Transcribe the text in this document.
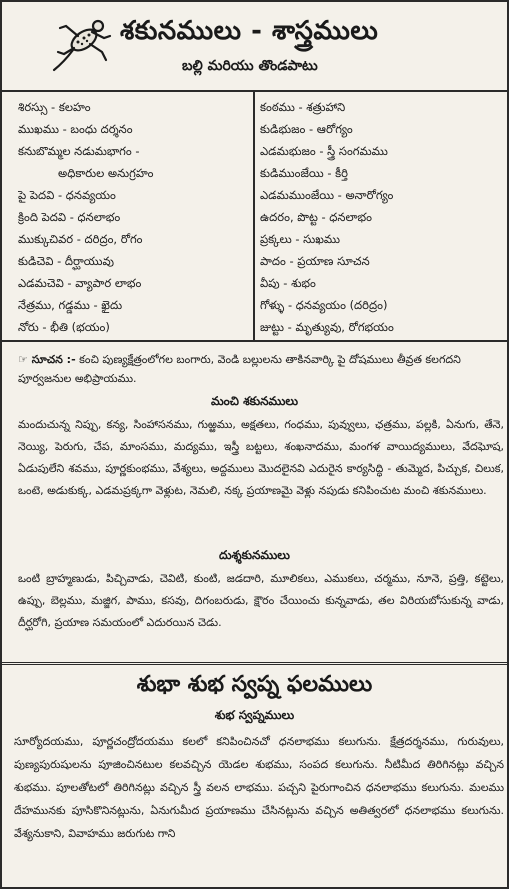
శకునములు - శాస్త్రములు
బల్లి మరియు తొండపాటు
శిరస్సు - కలహం
ముఖము - బంధు దర్శనం
కనుబొమ్మల నడుమభాగం -
అధికారుల అనుగ్రహం
పై పెదవి - ధనవ్యయం
క్రింది పెదవి - ధనలాభం
ముక్కుచివర - దరిద్రం, రోగం
కుడిచెవి - దీర్ఘాయువు
ఎడమచెవి - వ్యాపార లాభం
నేత్రము, గడ్డము - ఖైదు
నోరు - భీతి (భయం)
కంఠము - శత్రుహాని
కుడిభుజం - ఆరోగ్యం
ఎడమభుజం - స్త్రీ సంగమము
కుడిముంజేయి - కీర్తి
ఎడమముంజేయి - అనారోగ్యం
ఉదరం, పొట్ట - ధనలాభం
ప్రక్కలు - సుఖము
పాదం - ప్రయాణ సూచన
వీపు - శుభం
గోళ్ళు - ధనవ్యయం (దరిద్రం)
జుట్టు - మృత్యువు, రోగభయం
☞ సూచన :- కంచి పుణ్యక్షేత్రంలోగల బంగారు, వెండి బల్లులను తాకినవార్కి పై దోషములు తీవ్రత కలగదని పూర్వజనుల అభిప్రాయము.
మంచి శకునములు
మందుచున్న నిప్పు, కన్య, సింహాసనము, గుఱ్ఱము, అక్షతలు, గంధము, పువ్వులు, ఛత్రము, పల్లకి, ఏనుగు, తేనె, నెయ్యి, పెరుగు, చేప, మాంసము, మద్యము, ఇస్త్రీ బట్టలు, శంఖనాదము, మంగళ వాయిద్యములు, వేదఘోష, ఏడుపులేని శవము, పూర్ణకుంభము, వేశ్యలు, అద్దములు మొదలైనవి ఎదురైన కార్యసిద్ధి - తుమ్మెద, పిచ్చుక, చిలుక, ఒంటె, అడుకుక్క, ఎడమప్రక్కగా వెళ్లుట, నెమలి, నక్క ప్రయాణమై వెళ్లు నపుడు కనిపించుట మంచి శకునములు.
దుశ్శకునములు
ఒంటి బ్రాహ్మణుడు, పిచ్చివాడు, చెవిటి, కుంటి, జడదారి, మూలికలు, ఎముకలు, చర్మము, నూనె, ప్రత్తి, కట్టెలు, ఉప్పు, బెల్లము, మజ్జిగ, పాము, కసవు, దిగంబరుడు, క్షౌరం చేయించు కున్నవాడు, తల విరియబోసుకున్న వాడు, దీర్ఘరోగి, ప్రయాణ సమయంలో ఎదురయిన చెడు.
శుభా శుభ స్వప్న ఫలములు
శుభ స్వప్నములు
సూర్యోదయము, పూర్ణచంద్రోదయము కలలో కనిపించినచో ధనలాభము కలుగును. క్షేత్రదర్శనము, గురువులు, పుణ్యపురుషులను పూజించినటుల కలవచ్చిన యెడల శుభము, సంపద కలుగును. నీటిమీద తిరిగినట్లు వచ్చిన శుభము. పూలతోటలో తిరిగినట్లు వచ్చిన స్త్రీ వలన లాభము. పచ్చని పైరుగాంచిన ధనలాభము కలుగును. మలము దేహమునకు పూసికొనినట్లును, ఏనుగుమీద ప్రయాణము చేసినట్లును వచ్చిన అతిత్వరలో ధనలాభము కలుగును. వేశ్యనుకాని, వివాహము జరుగుట గాని
